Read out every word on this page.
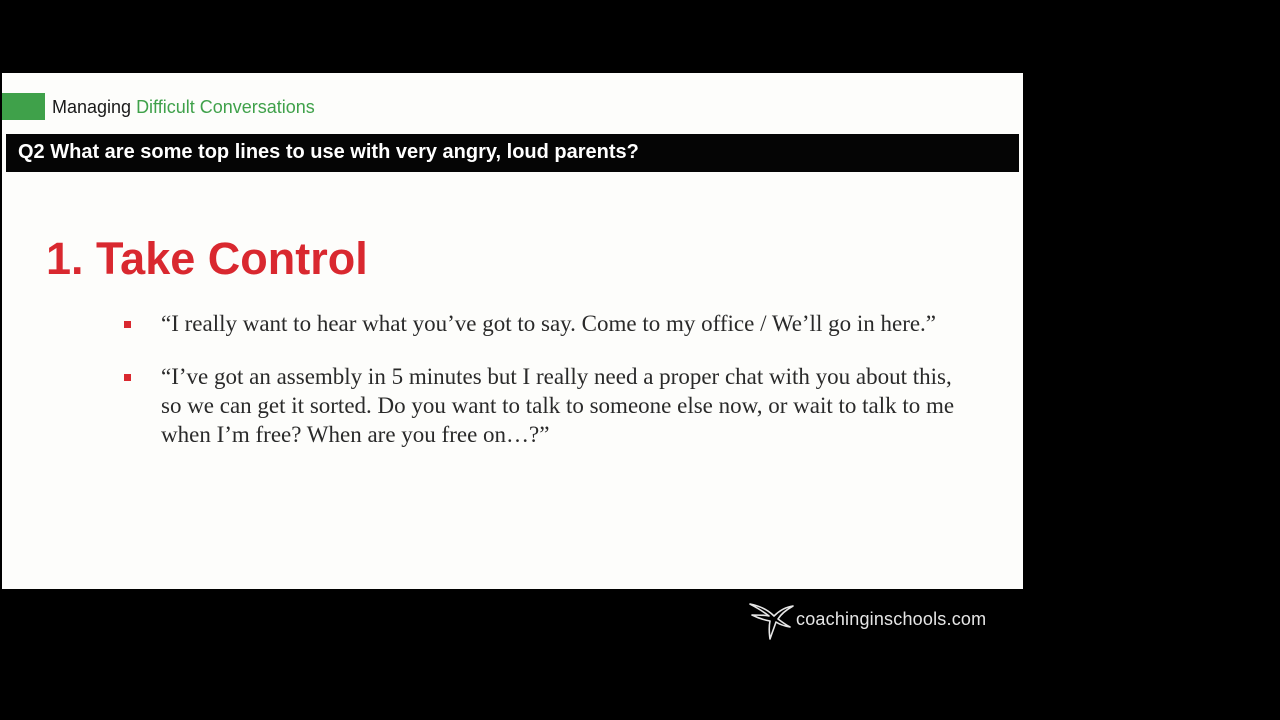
Managing Difficult Conversations
Q2 What are some top lines to use with very angry, loud parents?
1. Take Control
“I really want to hear what you’ve got to say. Come to my office / We’ll go in here.”
“I’ve got an assembly in 5 minutes but I really need a proper chat with you about this, so we can get it sorted. Do you want to talk to someone else now, or wait to talk to me when I’m free? When are you free on…?”
coachinginschools.com
